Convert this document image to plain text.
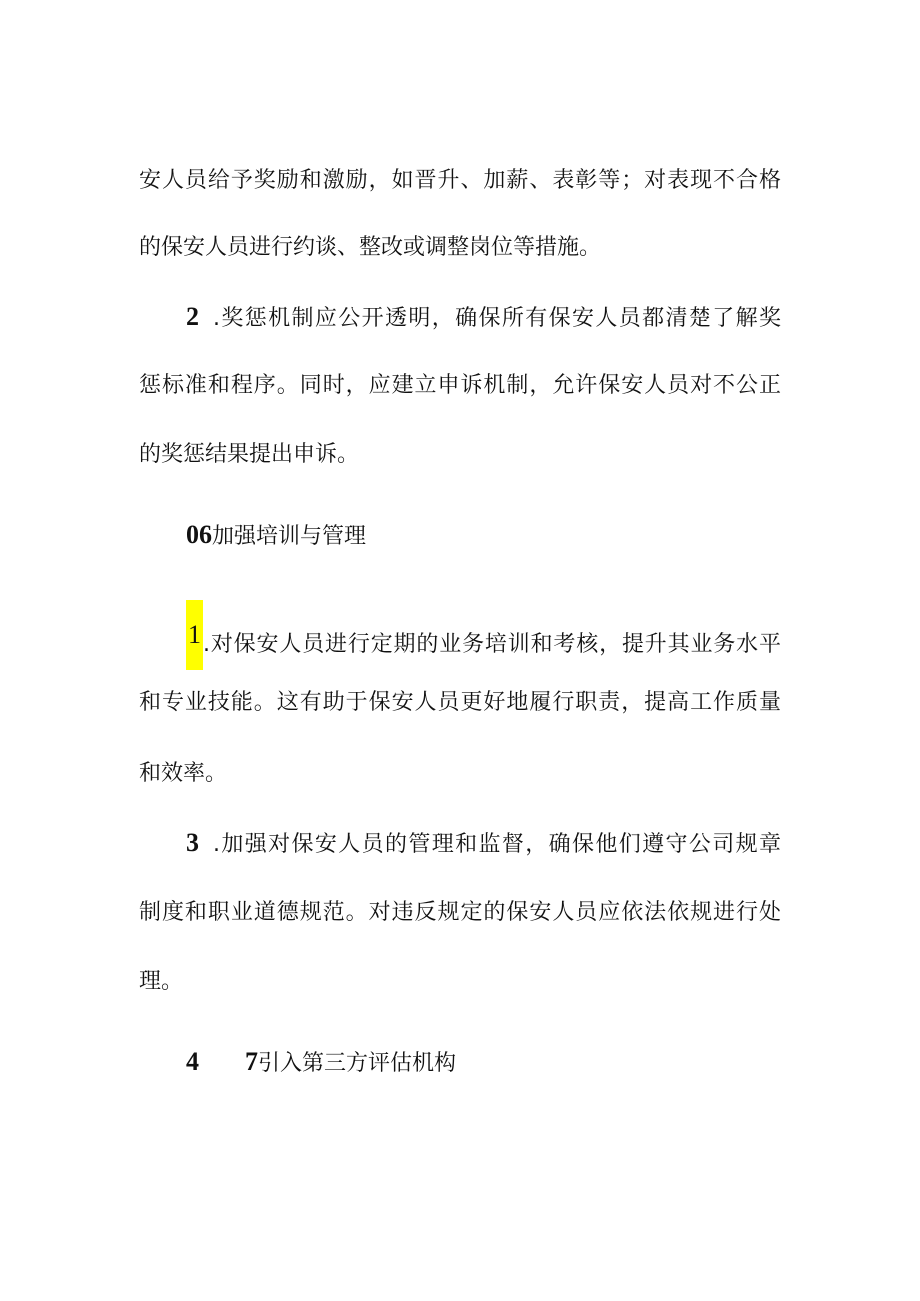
安人员给予奖励和激励，如晋升、加薪、表彰等；对表现不合格
的保安人员进行约谈、整改或调整岗位等措施。
2 .奖惩机制应公开透明，确保所有保安人员都清楚了解奖
惩标准和程序。同时，应建立申诉机制，允许保安人员对不公正
的奖惩结果提出申诉。
06加强培训与管理
1.对保安人员进行定期的业务培训和考核，提升其业务水平
和专业技能。这有助于保安人员更好地履行职责，提高工作质量
和效率。
3 .加强对保安人员的管理和监督，确保他们遵守公司规章
制度和职业道德规范。对违反规定的保安人员应依法依规进行处
理。
4 7引入第三方评估机构
